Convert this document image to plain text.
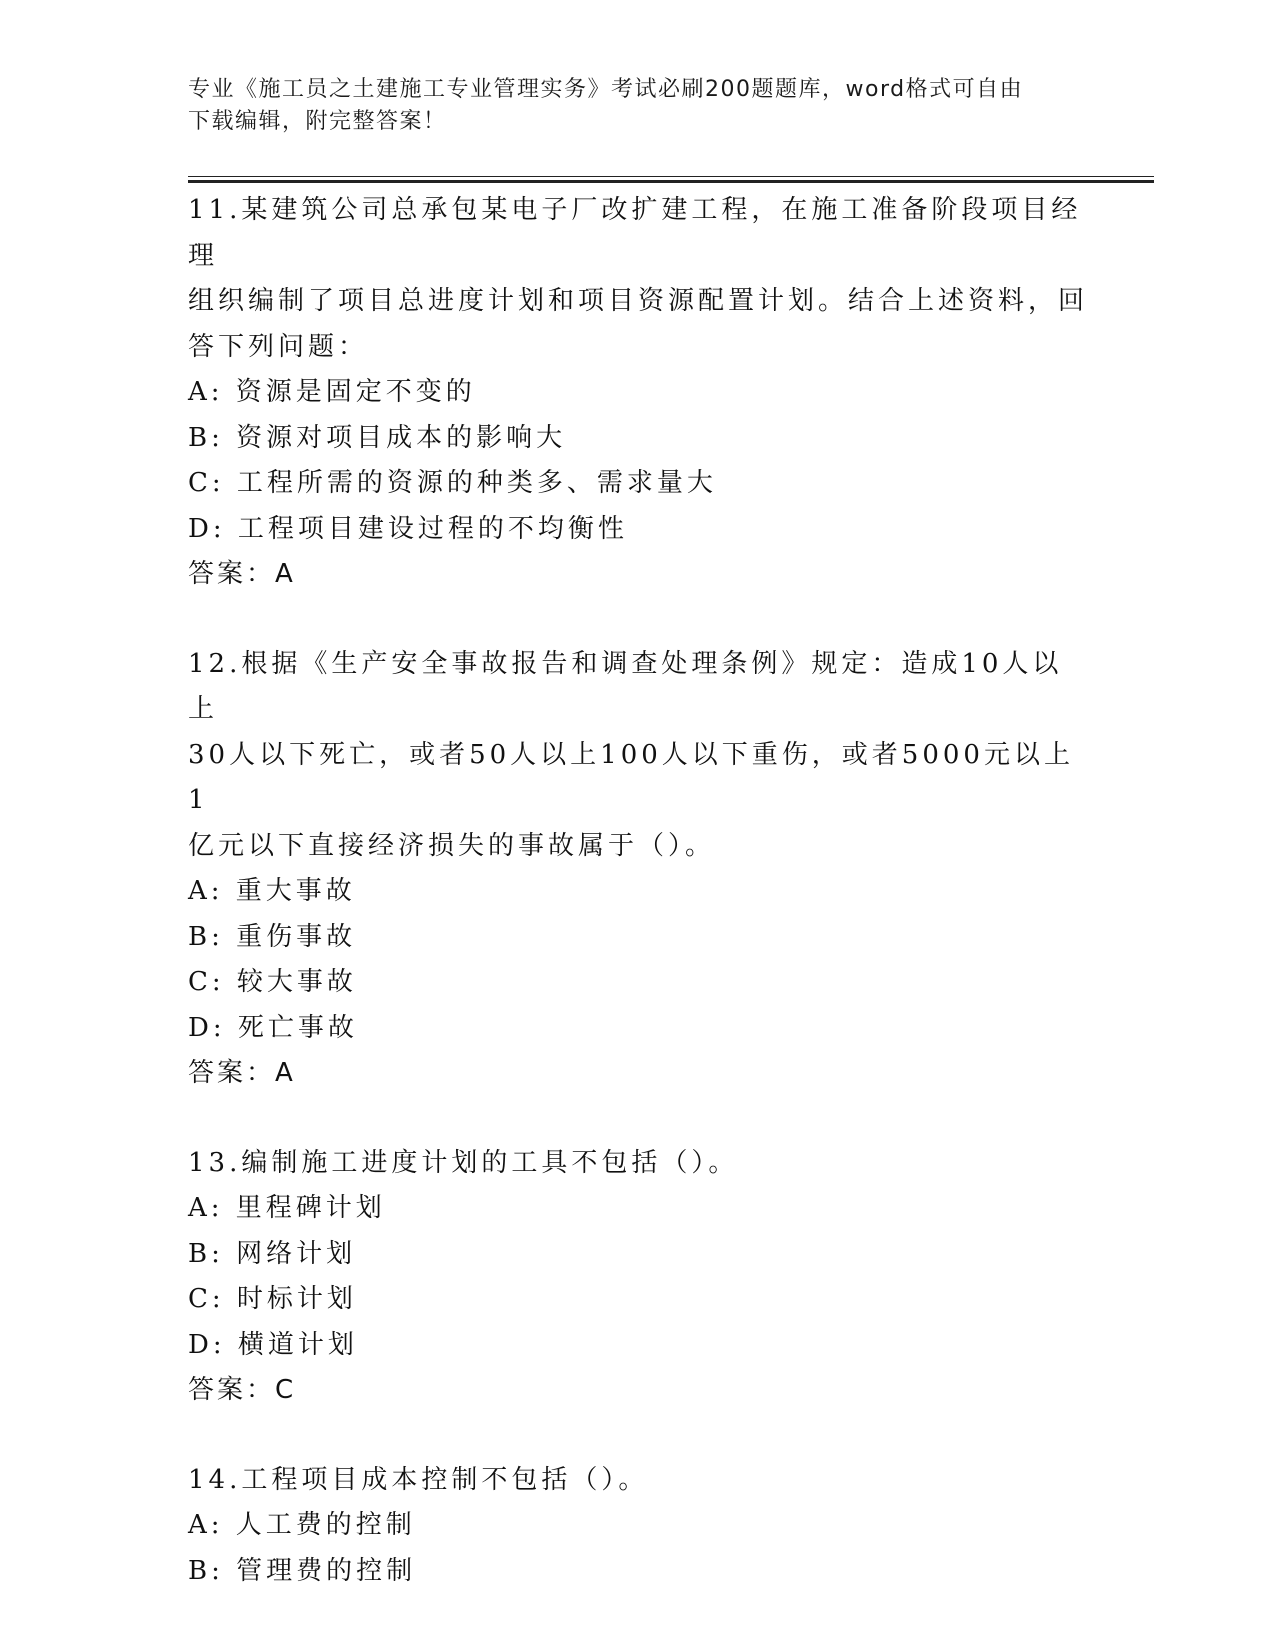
专业《施工员之土建施工专业管理实务》考试必刷200题题库，word格式可自由
下载编辑，附完整答案！

11.某建筑公司总承包某电子厂改扩建工程，在施工准备阶段项目经理

组织编制了项目总进度计划和项目资源配置计划。结合上述资料，回

答下列问题：

A: 资源是固定不变的

B: 资源对项目成本的影响大

C: 工程所需的资源的种类多、需求量大

D: 工程项目建设过程的不均衡性

答案：A

12.根据《生产安全事故报告和调查处理条例》规定：造成10人以上

30人以下死亡，或者50人以上100人以下重伤，或者5000元以上1

亿元以下直接经济损失的事故属于（）。

A: 重大事故

B: 重伤事故

C: 较大事故

D: 死亡事故

答案：A

13.编制施工进度计划的工具不包括（）。

A: 里程碑计划

B: 网络计划

C: 时标计划

D: 横道计划

答案：C

14.工程项目成本控制不包括（）。

A: 人工费的控制

B: 管理费的控制
